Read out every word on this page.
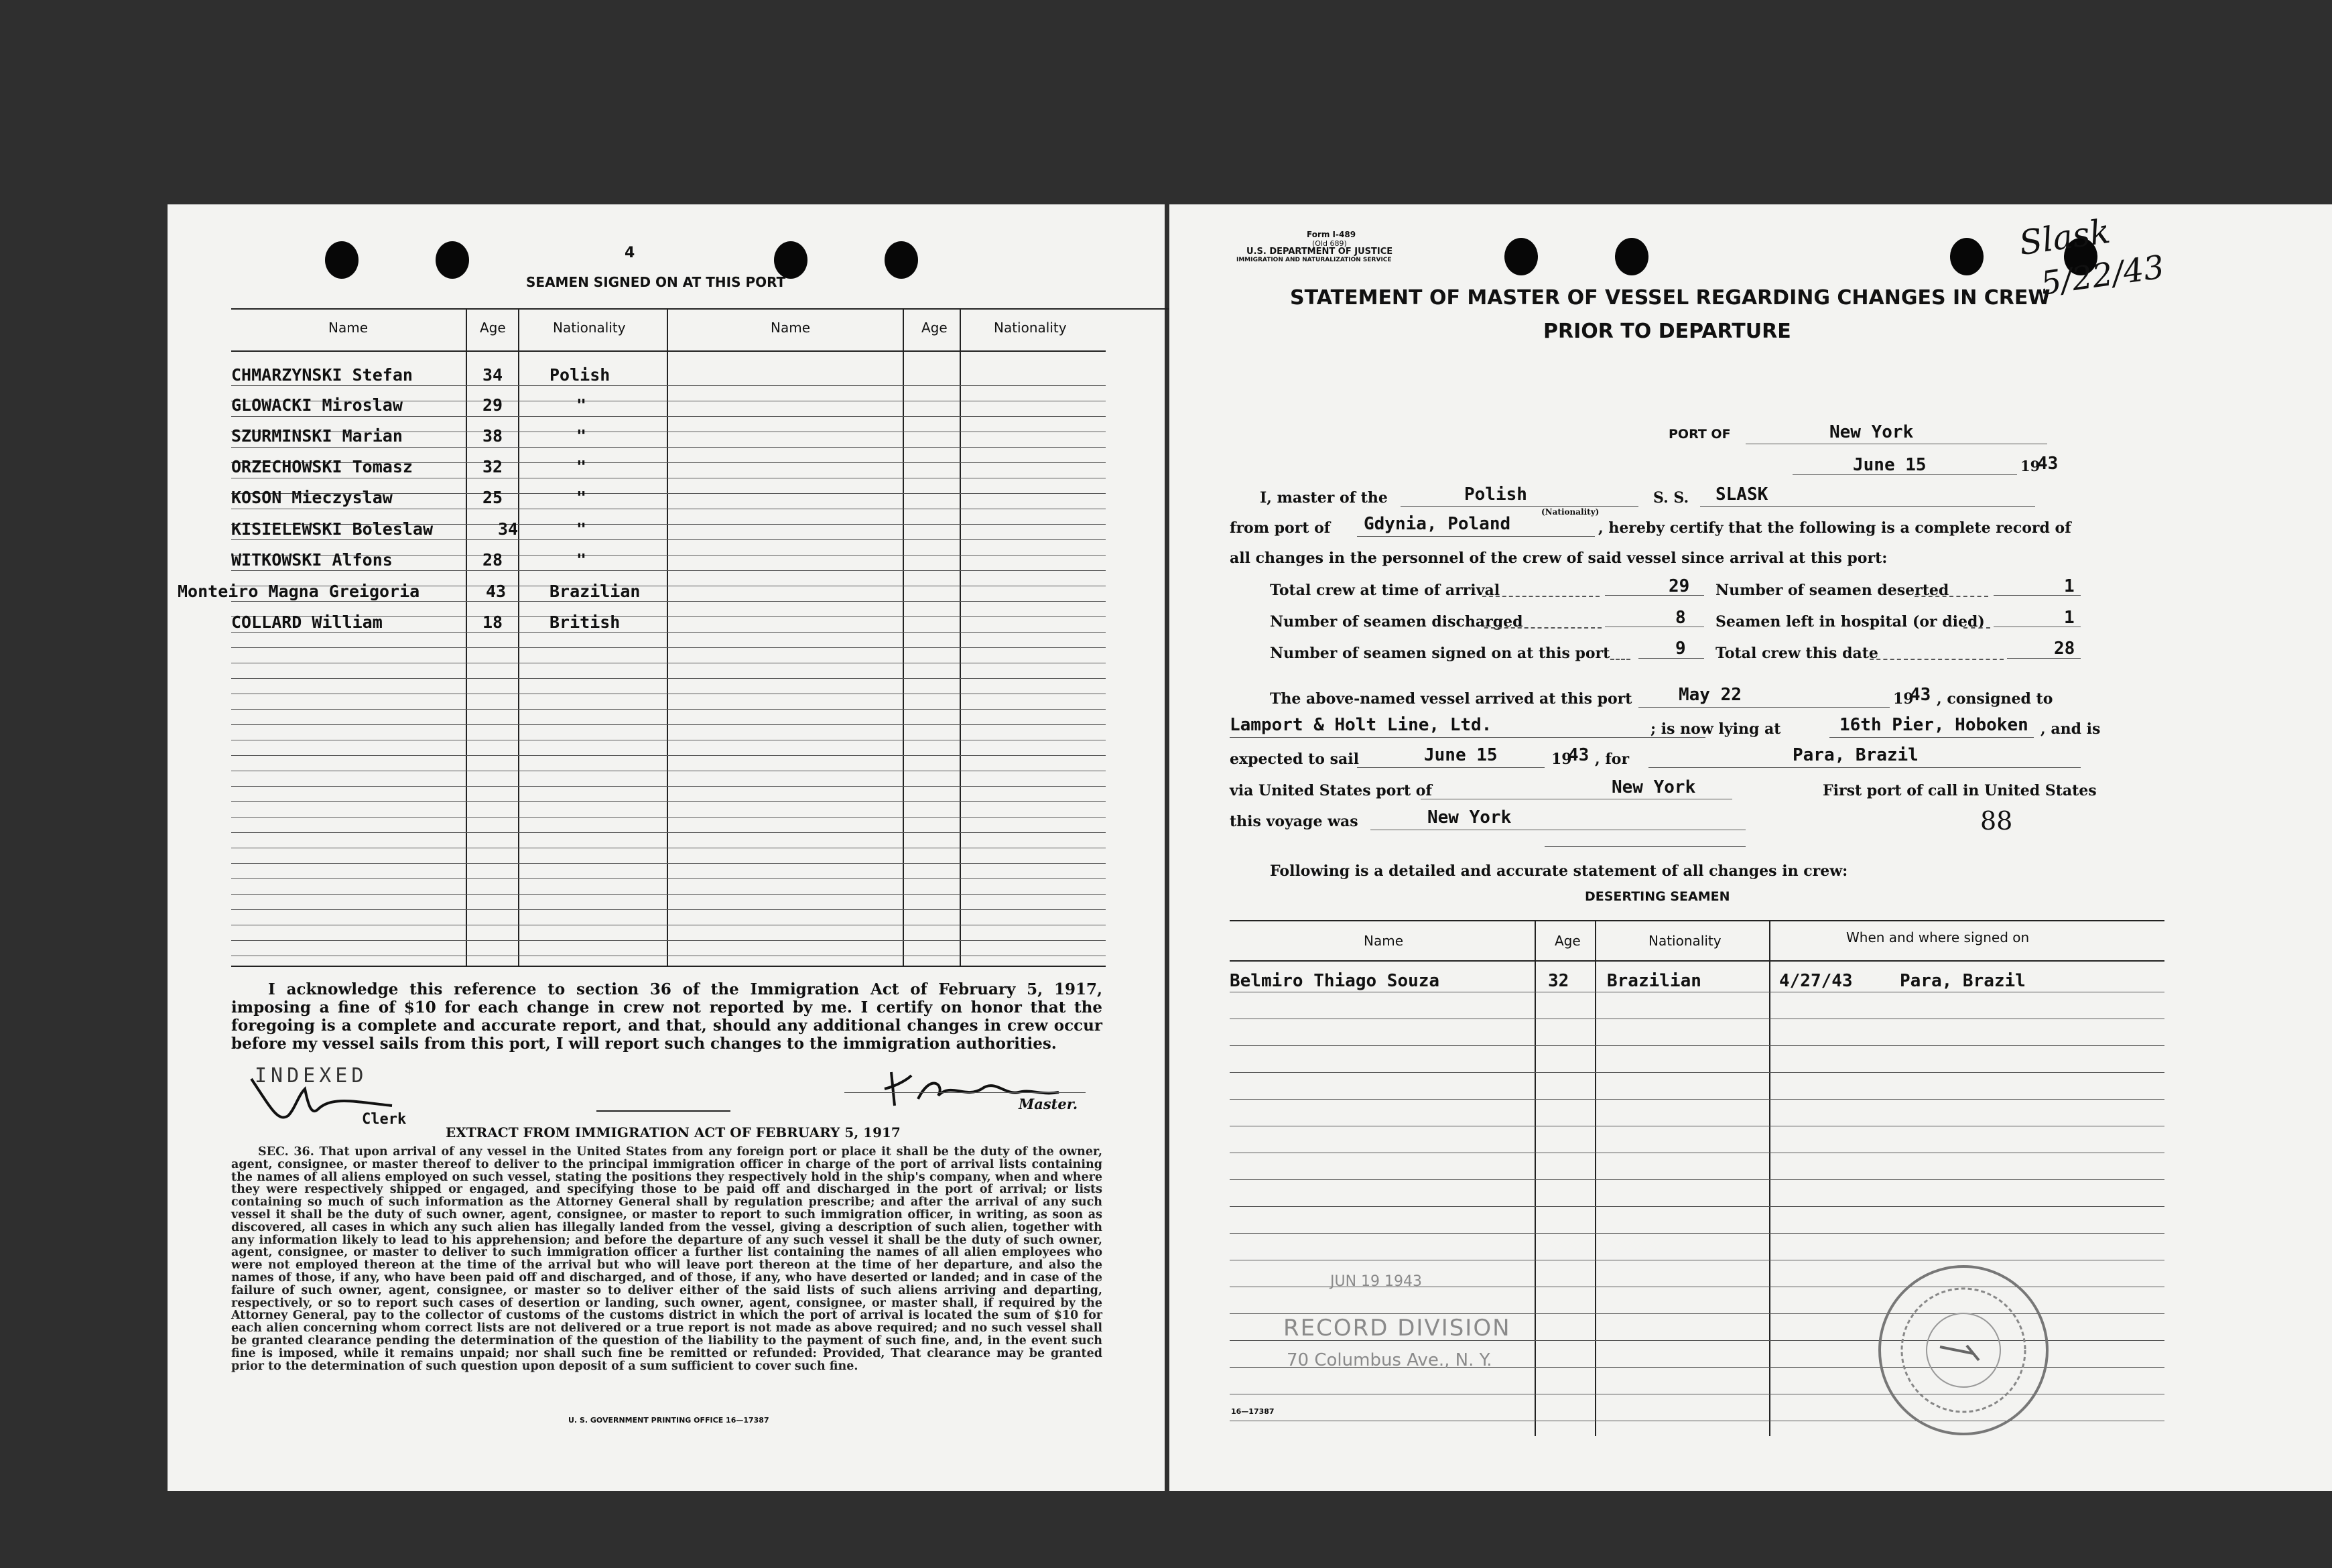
4
SEAMEN SIGNED ON AT THIS PORT
Name	Age	Nationality	Name	Age	Nationality
CHMARZYNSKI Stefan	34	Polish
GLOWACKI Miroslaw	29	"
SZURMINSKI Marian	38	"
ORZECHOWSKI Tomasz	32	"
KOSON Mieczyslaw	25	"
KISIELEWSKI Boleslaw	34	"
WITKOWSKI Alfons	28	"
Monteiro Magna Greigoria	43	Brazilian
COLLARD William	18	British
I acknowledge this reference to section 36 of the Immigration Act of February 5, 1917, imposing a fine of $10 for each change in crew not reported by me. I certify on honor that the foregoing is a complete and accurate report, and that, should any additional changes in crew occur before my vessel sails from this port, I will report such changes to the immigration authorities.
INDEXED
Clerk
Master.
EXTRACT FROM IMMIGRATION ACT OF FEBRUARY 5, 1917
SEC. 36. That upon arrival of any vessel in the United States from any foreign port or place it shall be the duty of the owner, agent, consignee, or master thereof to deliver to the principal immigration officer in charge of the port of arrival lists containing the names of all aliens employed on such vessel, stating the positions they respectively hold in the ship's company, when and where they were respectively shipped or engaged, and specifying those to be paid off and discharged in the port of arrival; or lists containing so much of such information as the Attorney General shall by regulation prescribe; and after the arrival of any such vessel it shall be the duty of such owner, agent, consignee, or master to report to such immigration officer, in writing, as soon as discovered, all cases in which any such alien has illegally landed from the vessel, giving a description of such alien, together with any information likely to lead to his apprehension; and before the departure of any such vessel it shall be the duty of such owner, agent, consignee, or master to deliver to such immigration officer a further list containing the names of all alien employees who were not employed thereon at the time of the arrival but who will leave port thereon at the time of her departure, and also the names of those, if any, who have been paid off and discharged, and of those, if any, who have deserted or landed; and in case of the failure of such owner, agent, consignee, or master so to deliver either of the said lists of such aliens arriving and departing, respectively, or so to report such cases of desertion or landing, such owner, agent, consignee, or master shall, if required by the Attorney General, pay to the collector of customs of the customs district in which the port of arrival is located the sum of $10 for each alien concerning whom correct lists are not delivered or a true report is not made as above required; and no such vessel shall be granted clearance pending the determination of the question of the liability to the payment of such fine, and, in the event such fine is imposed, while it remains unpaid; nor shall such fine be remitted or refunded: Provided, That clearance may be granted prior to the determination of such question upon deposit of a sum sufficient to cover such fine.
U. S. GOVERNMENT PRINTING OFFICE 16—17387
Form I-489
(Old 689)
U.S. DEPARTMENT OF JUSTICE
IMMIGRATION AND NATURALIZATION SERVICE	Slask
5/22/43
STATEMENT OF MASTER OF VESSEL REGARDING CHANGES IN CREW
PRIOR TO DEPARTURE
PORT OF	New York
June 15	19
43
I, master of the	Polish
(Nationality)
S. S. SLASK
from port of Gdynia, Poland	, hereby certify that the following is a complete record of
all changes in the personnel of the crew of said vessel since arrival at this port:
Total crew at time of arrival	29 Number of seamen deserted	1
Number of seamen discharged	8 Seamen left in hospital (or died)	1
Number of seamen signed on at this port	9 Total crew this date	28
The above-named vessel arrived at this port	May 22	19
43 , consigned to
Lamport & Holt Line, Ltd.	; is now lying at	16th Pier, Hoboken , and is
expected to sail	June 15	19
43 , for	Para, Brazil
via United States port of	New York	First port of call in United States
this voyage was	New York	88
Following is a detailed and accurate statement of all changes in crew:
DESERTING SEAMEN
Name	Age	Nationality	When and where signed on
Belmiro Thiago Souza	32 Brazilian	4/27/43	Para, Brazil
JUN 19 1943
RECORD DIVISION
70 Columbus Ave., N. Y.
16—17387
